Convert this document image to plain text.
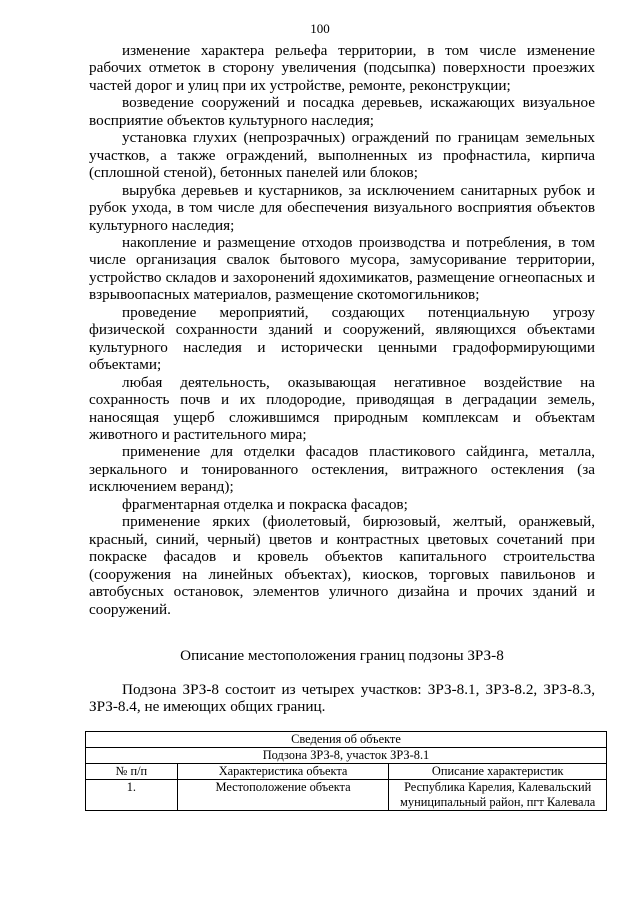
100

изменение характера рельефа территории, в том числе изменение рабочих отметок в сторону увеличения (подсыпка) поверхности проезжих частей дорог и улиц при их устройстве, ремонте, реконструкции;

возведение сооружений и посадка деревьев, искажающих визуальное восприятие объектов культурного наследия;

установка глухих (непрозрачных) ограждений по границам земельных участков, а также ограждений, выполненных из профнастила, кирпича (сплошной стеной), бетонных панелей или блоков;

вырубка деревьев и кустарников, за исключением санитарных рубок и рубок ухода, в том числе для обеспечения визуального восприятия объектов культурного наследия;

накопление и размещение отходов производства и потребления, в том числе организация свалок бытового мусора, замусоривание территории, устройство складов и захоронений ядохимикатов, размещение огнеопасных и взрывоопасных материалов, размещение скотомогильников;

проведение мероприятий, создающих потенциальную угрозу физической сохранности зданий и сооружений, являющихся объектами культурного наследия и исторически ценными градоформирующими объектами;

любая деятельность, оказывающая негативное воздействие на сохранность почв и их плодородие, приводящая в деградации земель, наносящая ущерб сложившимся природным комплексам и объектам животного и растительного мира;

применение для отделки фасадов пластикового сайдинга, металла, зеркального и тонированного остекления, витражного остекления (за исключением веранд);

фрагментарная отделка и покраска фасадов;

применение ярких (фиолетовый, бирюзовый, желтый, оранжевый, красный, синий, черный) цветов и контрастных цветовых сочетаний при покраске фасадов и кровель объектов капитального строительства (сооружения на линейных объектах), киосков, торговых павильонов и автобусных остановок, элементов уличного дизайна и прочих зданий и сооружений.

Описание местоположения границ подзоны ЗРЗ-8

Подзона ЗРЗ-8 состоит из четырех участков: ЗРЗ-8.1, ЗРЗ-8.2, ЗРЗ-8.3, ЗРЗ-8.4, не имеющих общих границ.

Сведения об объекте		
Подзона ЗРЗ-8, участок ЗРЗ-8.1		
№ п/п	Характеристика объекта	Описание характеристик
1.	Местоположение объекта	Республика Карелия, Калевальский муниципальный район, пгт Калевала
